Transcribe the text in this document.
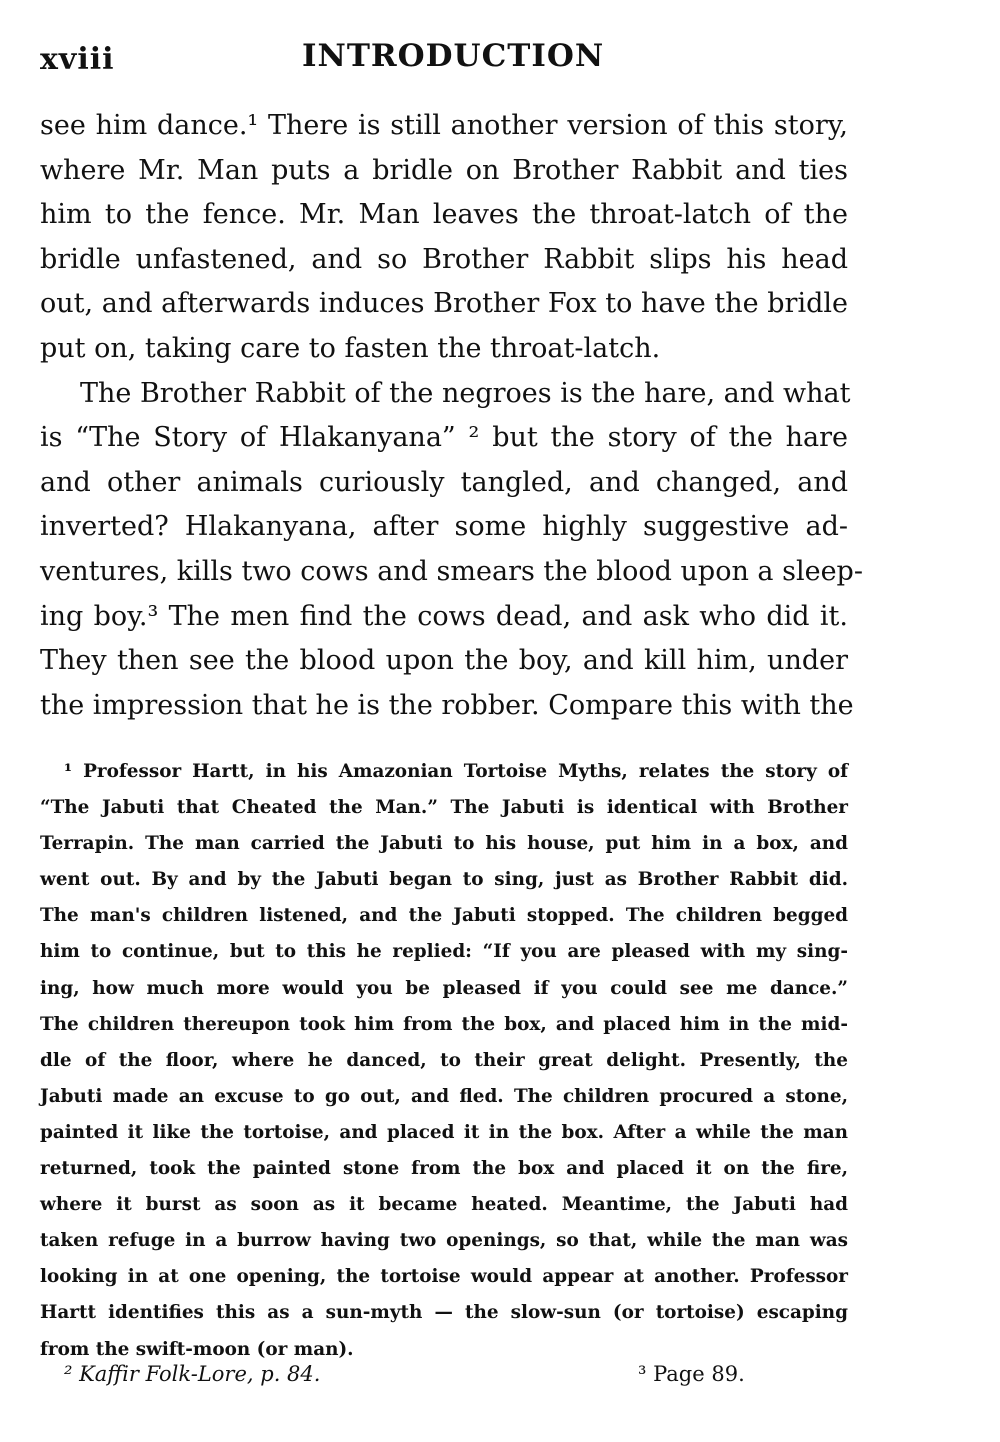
xviii	INTRODUCTION
see him dance.¹ There is still another version of this story,
where Mr. Man puts a bridle on Brother Rabbit and ties
him to the fence. Mr. Man leaves the throat-latch of the
bridle unfastened, and so Brother Rabbit slips his head
out, and afterwards induces Brother Fox to have the bridle
put on, taking care to fasten the throat-latch.
The Brother Rabbit of the negroes is the hare, and what
is “The Story of Hlakanyana” ² but the story of the hare
and other animals curiously tangled, and changed, and
inverted? Hlakanyana, after some highly suggestive ad-
ventures, kills two cows and smears the blood upon a sleep-
ing boy.³ The men find the cows dead, and ask who did it.
They then see the blood upon the boy, and kill him, under
the impression that he is the robber. Compare this with the
¹ Professor Hartt, in his Amazonian Tortoise Myths, relates the story of
“The Jabuti that Cheated the Man.” The Jabuti is identical with Brother
Terrapin. The man carried the Jabuti to his house, put him in a box, and
went out. By and by the Jabuti began to sing, just as Brother Rabbit did.
The man's children listened, and the Jabuti stopped. The children begged
him to continue, but to this he replied: “If you are pleased with my sing-
ing, how much more would you be pleased if you could see me dance.”
The children thereupon took him from the box, and placed him in the mid-
dle of the floor, where he danced, to their great delight. Presently, the
Jabuti made an excuse to go out, and fled. The children procured a stone,
painted it like the tortoise, and placed it in the box. After a while the man
returned, took the painted stone from the box and placed it on the fire,
where it burst as soon as it became heated. Meantime, the Jabuti had
taken refuge in a burrow having two openings, so that, while the man was
looking in at one opening, the tortoise would appear at another. Professor
Hartt identifies this as a sun-myth — the slow-sun (or tortoise) escaping
from the swift-moon (or man).
² Kaffir Folk-Lore, p. 84.	³ Page 89.
